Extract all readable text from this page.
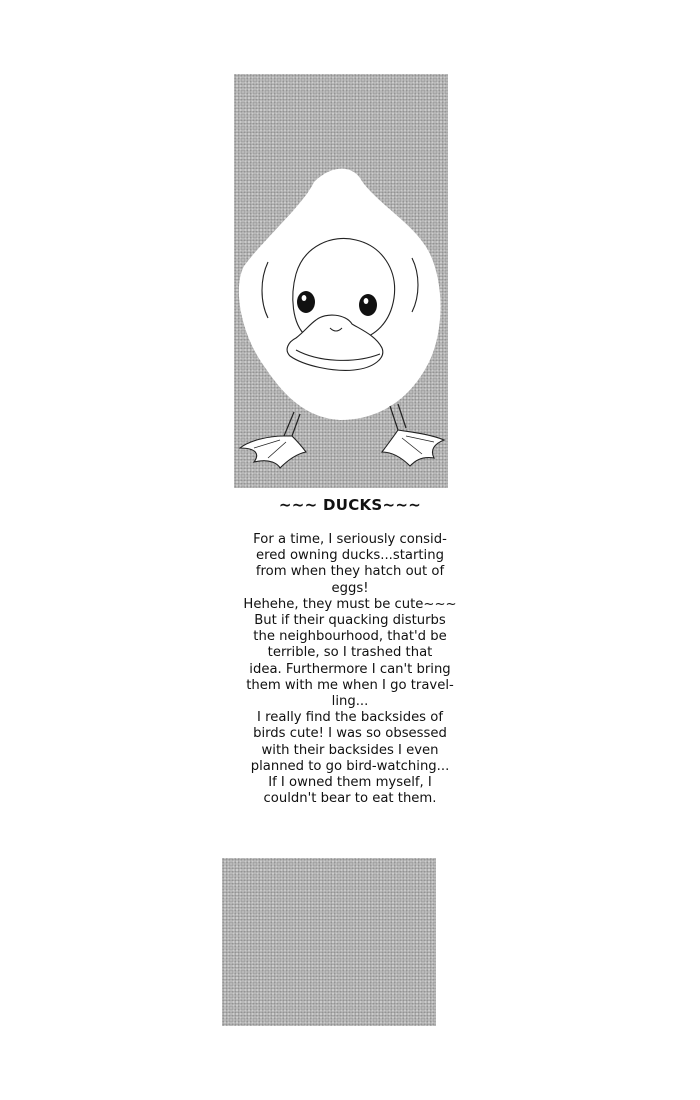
~~~ DUCKS~~~
For a time, I seriously consid-
ered owning ducks...starting
from when they hatch out of
eggs!
Hehehe, they must be cute~~~
But if their quacking disturbs
the neighbourhood, that'd be
terrible, so I trashed that
idea. Furthermore I can't bring
them with me when I go travel-
ling...
I really find the backsides of
birds cute! I was so obsessed
with their backsides I even
planned to go bird-watching...
If I owned them myself, I
couldn't bear to eat them.
